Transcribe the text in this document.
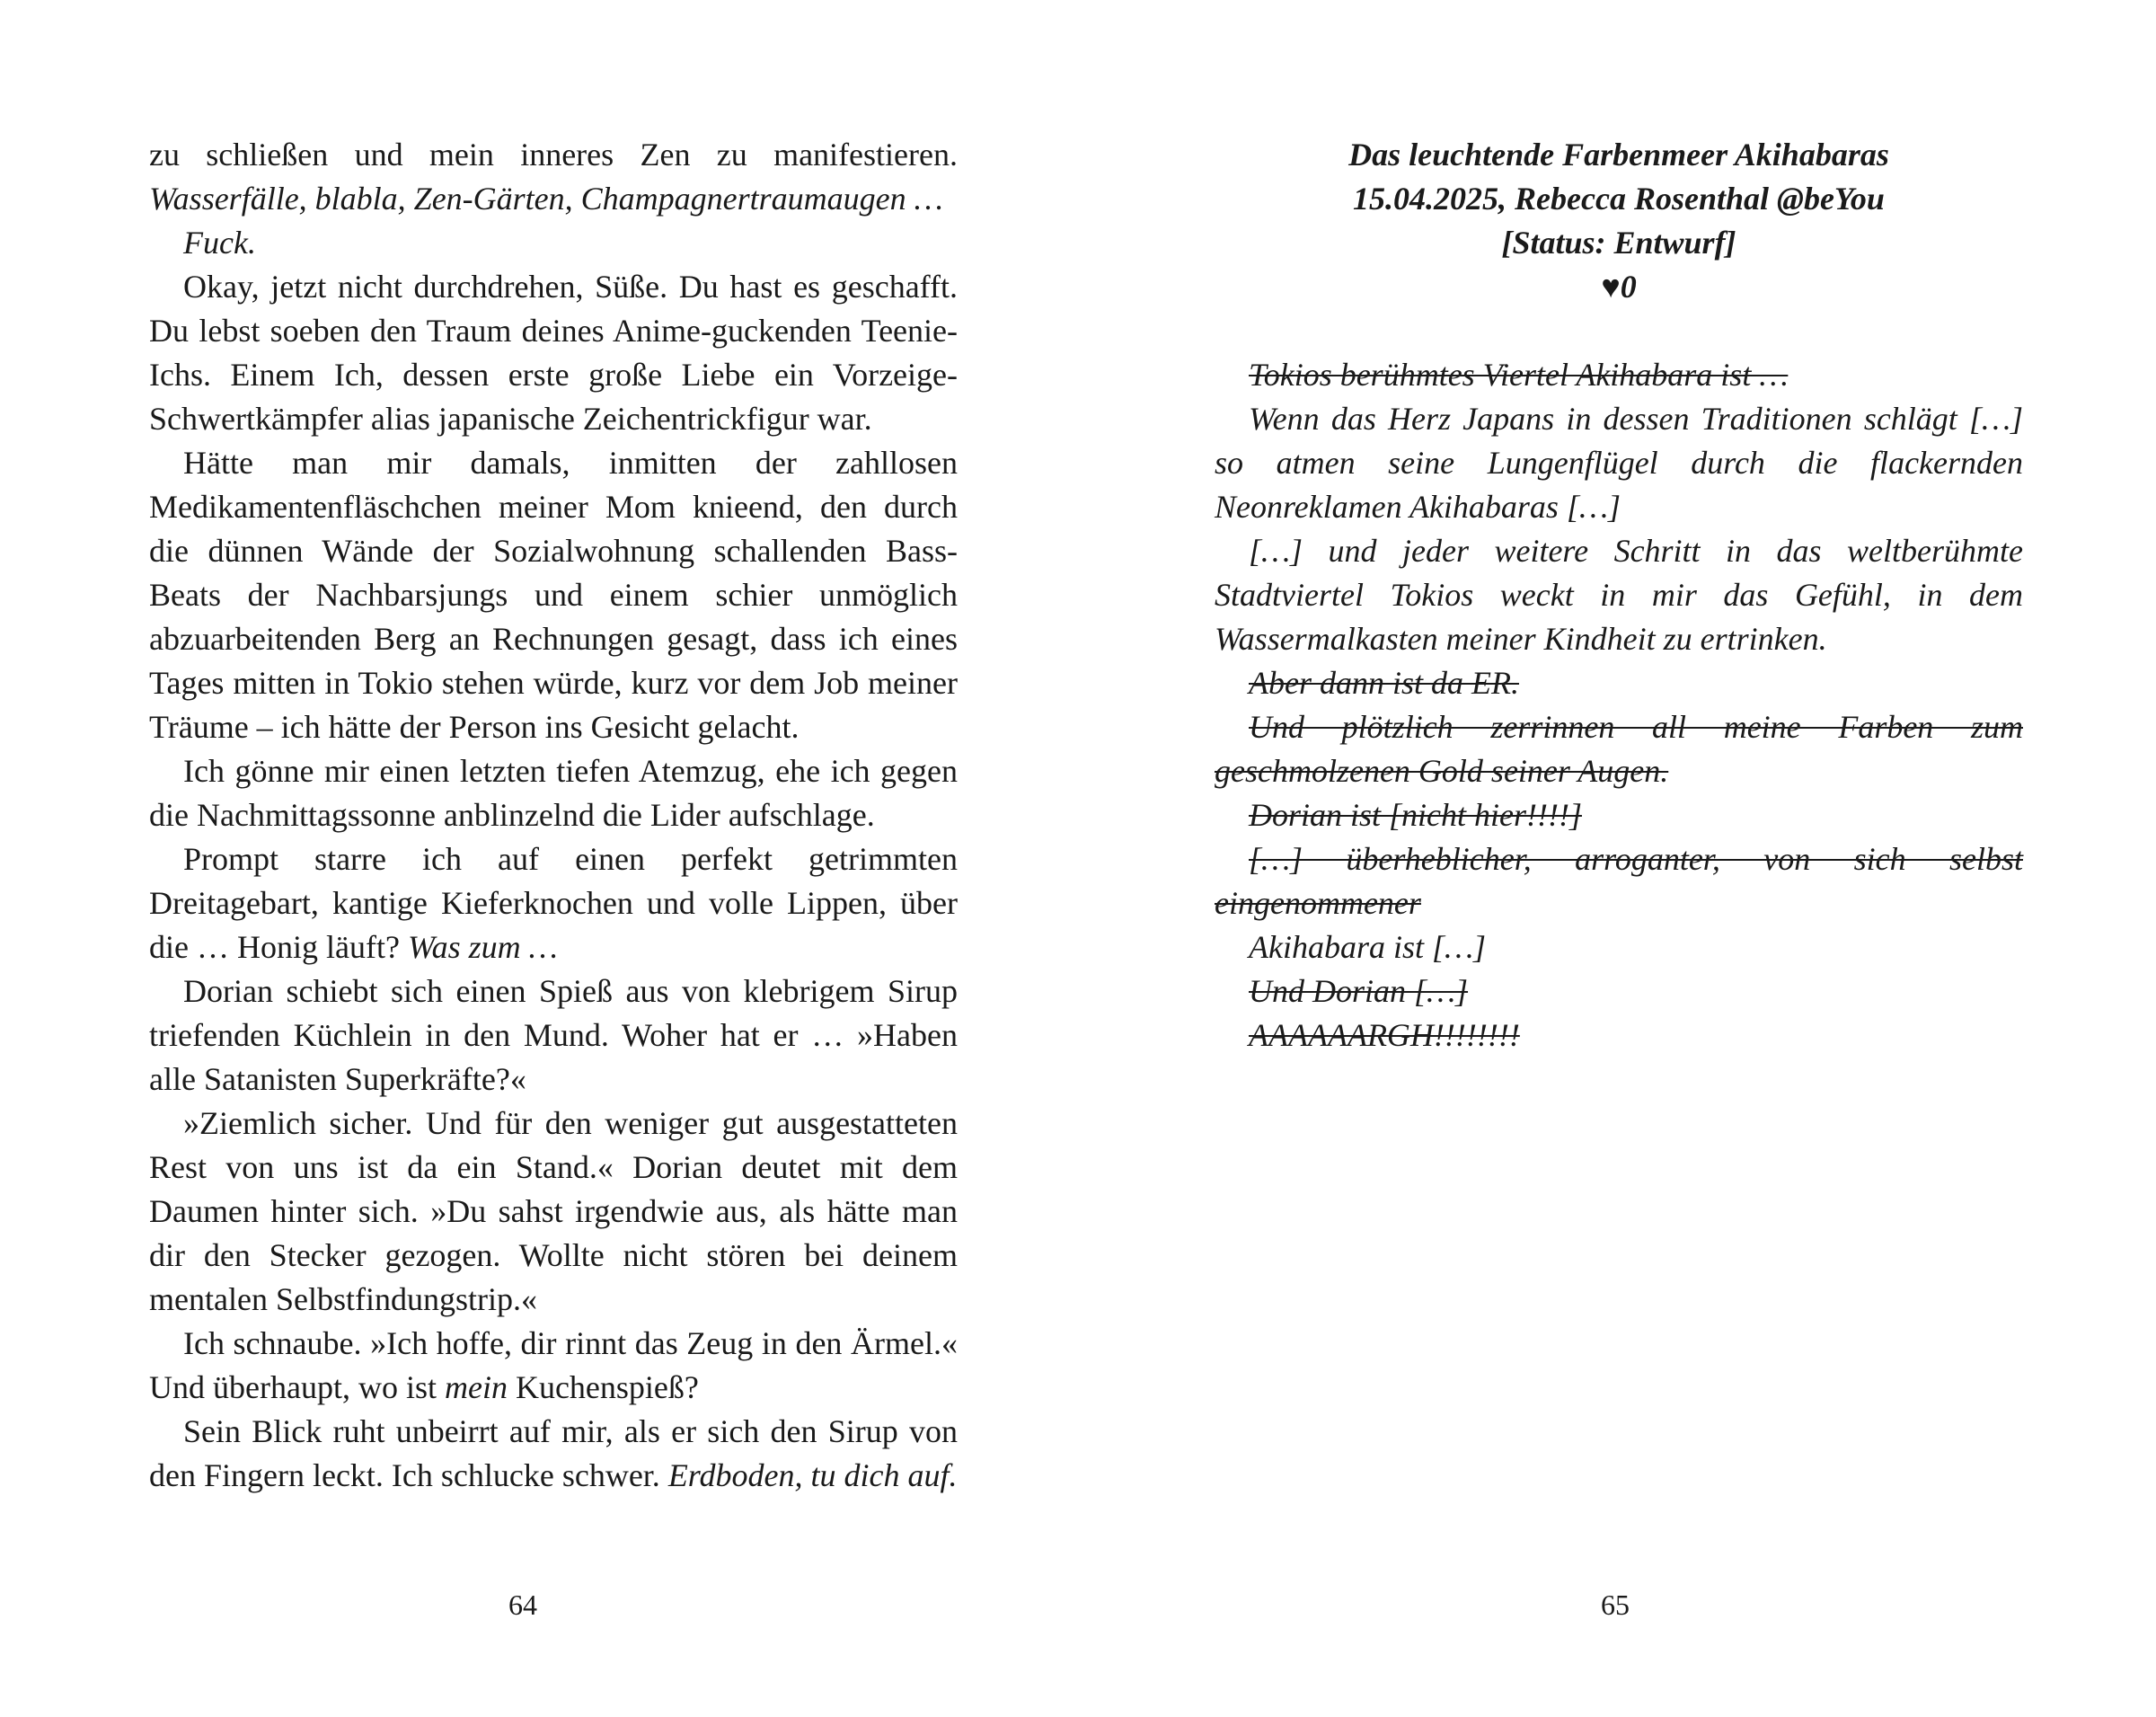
zu schließen und mein inneres Zen zu manifestieren. Wasserfälle, blabla, Zen-Gärten, Champagnertraumaugen …

Fuck.

Okay, jetzt nicht durchdrehen, Süße. Du hast es geschafft. Du lebst soeben den Traum deines Anime-guckenden Teenie-Ichs. Einem Ich, dessen erste große Liebe ein Vorzeige-Schwertkämpfer alias japanische Zeichentrickfigur war.

Hätte man mir damals, inmitten der zahllosen Medikamentenfläschchen meiner Mom knieend, den durch die dünnen Wände der Sozialwohnung schallenden Bass-Beats der Nachbarsjungs und einem schier unmöglich abzuarbeitenden Berg an Rechnungen gesagt, dass ich eines Tages mitten in Tokio stehen würde, kurz vor dem Job meiner Träume – ich hätte der Person ins Gesicht gelacht.

Ich gönne mir einen letzten tiefen Atemzug, ehe ich gegen die Nachmittagssonne anblinzelnd die Lider aufschlage.

Prompt starre ich auf einen perfekt getrimmten Dreitagebart, kantige Kieferknochen und volle Lippen, über die … Honig läuft? Was zum …

Dorian schiebt sich einen Spieß aus von klebrigem Sirup triefenden Küchlein in den Mund. Woher hat er … »Haben alle Satanisten Superkräfte?«

»Ziemlich sicher. Und für den weniger gut ausgestatteten Rest von uns ist da ein Stand.« Dorian deutet mit dem Daumen hinter sich. »Du sahst irgendwie aus, als hätte man dir den Stecker gezogen. Wollte nicht stören bei deinem mentalen Selbstfindungstrip.«

Ich schnaube. »Ich hoffe, dir rinnt das Zeug in den Ärmel.« Und überhaupt, wo ist mein Kuchenspieß?

Sein Blick ruht unbeirrt auf mir, als er sich den Sirup von den Fingern leckt. Ich schlucke schwer. Erdboden, tu dich auf.

64

Das leuchtende Farbenmeer Akihabaras

15.04.2025, Rebecca Rosenthal @beYou

[Status: Entwurf]

♥0

Tokios berühmtes Viertel Akihabara ist …

Wenn das Herz Japans in dessen Traditionen schlägt […] so atmen seine Lungenflügel durch die flackernden Neonreklamen Akihabaras […]

[…] und jeder weitere Schritt in das weltberühmte Stadtviertel Tokios weckt in mir das Gefühl, in dem Wassermalkasten meiner Kindheit zu ertrinken.

Aber dann ist da ER.

Und plötzlich zerrinnen all meine Farben zum geschmolzenen Gold seiner Augen.

Dorian ist [nicht hier!!!!]

[…] überheblicher, arroganter, von sich selbst eingenommener

Akihabara ist […]

Und Dorian […]

AAAAAARGH!!!!!!!!

65
